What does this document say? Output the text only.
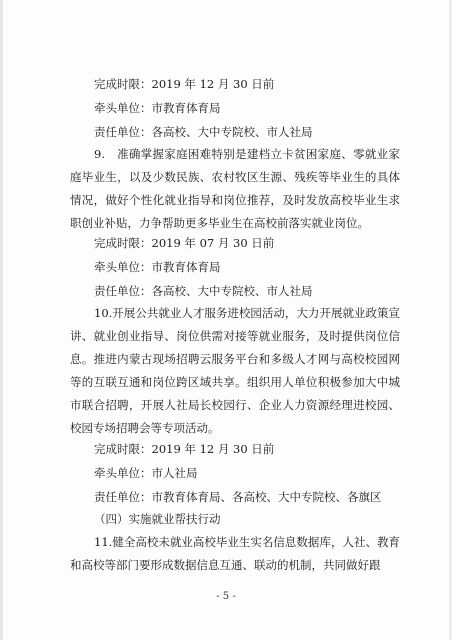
完成时限：2019 年 12 月 30 日前
牵头单位：市教育体育局
责任单位：各高校、大中专院校、市人社局
9.　准确掌握家庭困难特别是建档立卡贫困家庭、零就业家庭毕业生，以及少数民族、农村牧区生源、残疾等毕业生的具体情况，做好个性化就业指导和岗位推荐，及时发放高校毕业生求职创业补贴，力争帮助更多毕业生在高校前落实就业岗位。
完成时限：2019 年 07 月 30 日前
牵头单位：市教育体育局
责任单位：各高校、大中专院校、市人社局
10.开展公共就业人才服务进校园活动，大力开展就业政策宣讲、就业创业指导、岗位供需对接等就业服务，及时提供岗位信息。推进内蒙古现场招聘云服务平台和多级人才网与高校校园网等的互联互通和岗位跨区域共享。组织用人单位积极参加大中城市联合招聘，开展人社局长校园行、企业人力资源经理进校园、校园专场招聘会等专项活动。
完成时限：2019 年 12 月 30 日前
牵头单位：市人社局
责任单位：市教育体育局、各高校、大中专院校、各旗区
（四）实施就业帮扶行动
11.健全高校未就业高校毕业生实名信息数据库，人社、教育和高校等部门要形成数据信息互通、联动的机制，共同做好跟
- 5 -
